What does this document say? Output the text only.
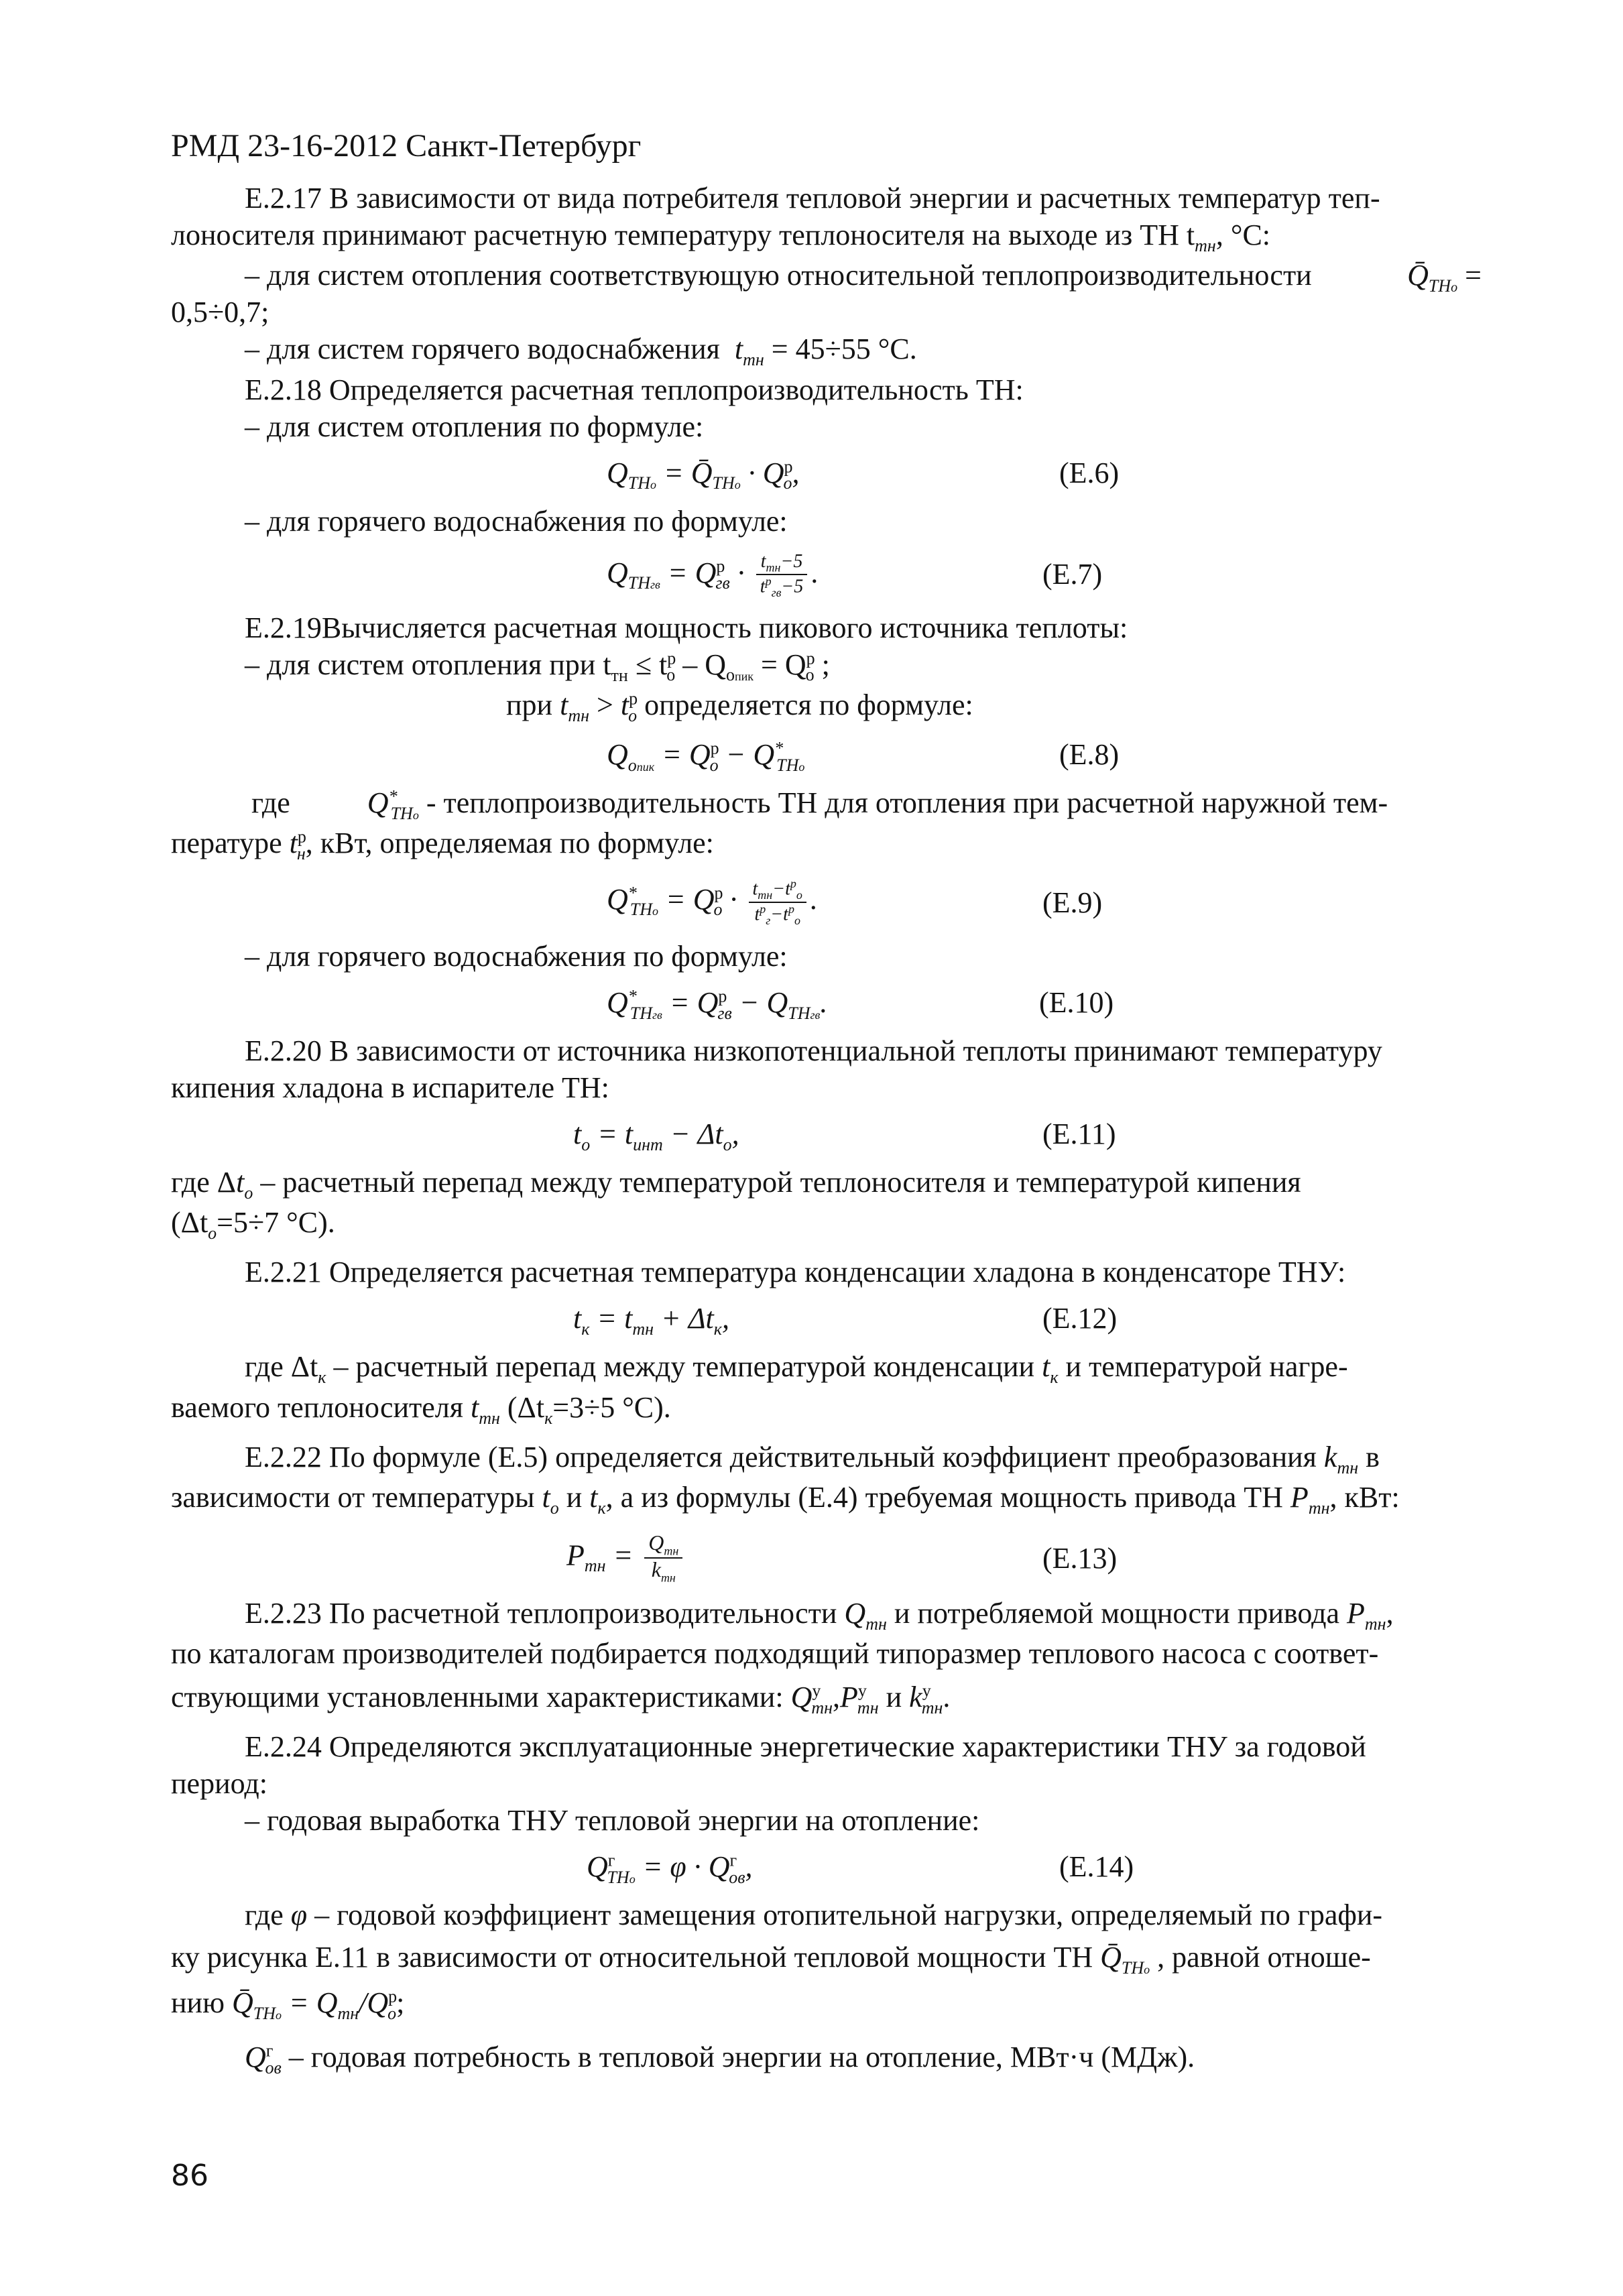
РМД 23-16-2012 Санкт-Петербург

Е.2.17 В зависимости от вида потребителя тепловой энергии и расчетных температур теп-

лоносителя принимают расчетную температуру теплоносителя на выходе из ТН $t_{тн}$, °С:

– для систем отопления соответствующую относительной теплопроизводительности	$Q̄_{ТНо}$ =

0,5÷0,7;

– для систем горячего водоснабжения $t_{тн} = 45\div 55$ °С.

Е.2.18 Определяется расчетная теплопроизводительность ТН:

– для систем отопления по формуле:

$Q_{ТНо}$ = $Q̄_{ТНо} \cdot Q^р_о$,	(Е.6)

– для горячего водоснабжения по формуле:

$Q_{ТНгв} = Q^р_{гв} \cdot \frac{t_{тн}-5}{t^р_{гв}-5}$ .	(Е.7)

Е.2.19Вычисляется расчетная мощность пикового источника теплоты:

– для систем отопления при $t_{тн} \le t^р_о - Q_{опик} = Q^р_о$ ;

при $t_{тн} > t^р_о$ определяется по формуле:

$Q_{опик} = Q^р_о - Q^*_{ТНо}$	(Е.8)

где	$Q^*_{ТНо}$ - теплопроизводительность ТН для отопления при расчетной наружной тем-

пературе $t^р_н$, кВт, определяемая по формуле:

$Q^*_{ТНо} = Q^р_о \cdot \frac{t_{тн}-t^р_о}{t^р_г-t^р_о}$ .	(Е.9)

– для горячего водоснабжения по формуле:

$Q^*_{ТНгв} = Q^р_{гв} - Q_{ТНгв}$.	(Е.10)

Е.2.20 В зависимости от источника низкопотенциальной теплоты принимают температуру

кипения хладона в испарителе ТН:

$t_о = t_{инт} - \Delta t_о$,	(Е.11)

где $\Delta t_о$ – расчетный перепад между температурой теплоносителя и температурой кипения

($\Delta t_о=5\div 7$ °С).

Е.2.21 Определяется расчетная температура конденсации хладона в конденсаторе ТНУ:

$t_к = t_{тн} + \Delta t_к$,	(Е.12)

где $\Delta t_к$ – расчетный перепад между температурой конденсации $t_к$ и температурой нагре-

ваемого теплоносителя $t_{тн}$ ($\Delta t_к=3\div 5$ °С).

Е.2.22 По формуле (Е.5) определяется действительный коэффициент преобразования $k_{тн}$ в

зависимости от температуры $t_о$ и $t_к$, а из формулы (Е.4) требуемая мощность привода ТН $P_{тн}$, кВт:

$P_{тн} = \frac{Q_{тн}}{k_{тн}}$	(Е.13)

Е.2.23 По расчетной теплопроизводительности $Q_{тн}$ и потребляемой мощности привода $P_{тн}$,

по каталогам производителей подбирается подходящий типоразмер теплового насоса с соответ-

ствующими установленными характеристиками: $Q^у_{тн},P^у_{тн}$ и $k^у_{тн}$.

Е.2.24 Определяются эксплуатационные энергетические характеристики ТНУ за годовой

период:

– годовая выработка ТНУ тепловой энергии на отопление:

$Q^г_{ТНо} = \varphi \cdot Q^г_{ов}$,	(Е.14)

где φ – годовой коэффициент замещения отопительной нагрузки, определяемый по графи-

ку рисунка Е.11 в зависимости от относительной тепловой мощности ТН $Q̄_{ТНо}$ , равной отноше-

нию $Q̄_{ТНо} = Q_{тн}/Q^р_о$;

$Q^г_{ов}$ – годовая потребность в тепловой энергии на отопление, МВт·ч (МДж).

86
